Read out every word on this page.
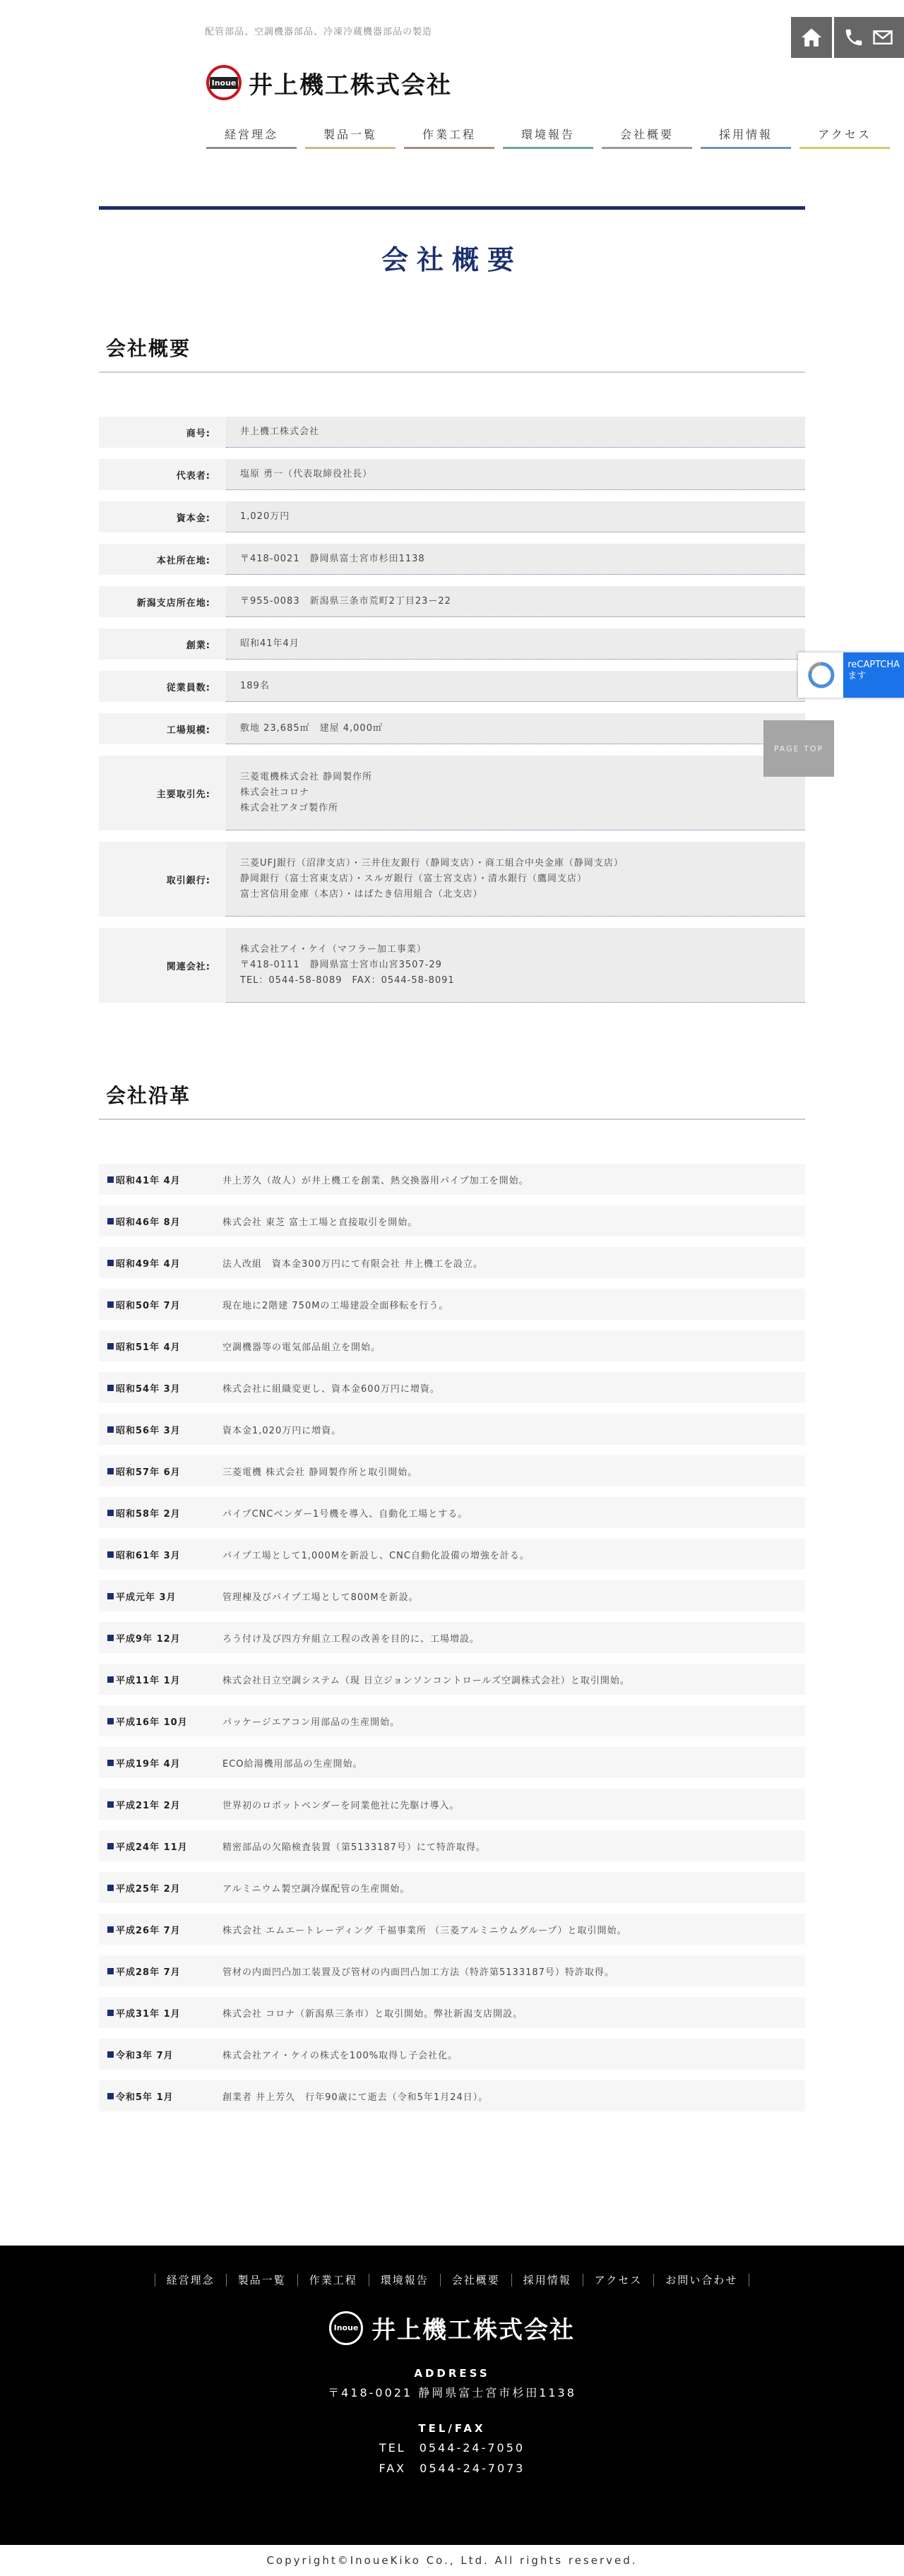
配管部品、空調機器部品、冷凍冷蔵機器部品の製造
Inoue 井上機工株式会社
経営理念	製品一覧	作業工程	環境報告	会社概要	採用情報	アクセス
会社概要
会社概要
商号:	井上機工株式会社
代表者:	塩原 勇一（代表取締役社長）
資本金:	1,020万円
本社所在地:	〒418-0021　静岡県富士宮市杉田1138
新潟支店所在地:	〒955-0083　新潟県三条市荒町2丁目23ー22
創業:	昭和41年4月
従業員数:	189名
工場規模:	敷地 23,685㎡　建屋 4,000㎡
主要取引先:
三菱電機株式会社 静岡製作所
株式会社コロナ
株式会社アタゴ製作所
取引銀行:
三菱UFJ銀行（沼津支店）・三井住友銀行（静岡支店）・商工組合中央金庫（静岡支店）
静岡銀行（富士宮東支店）・スルガ銀行（富士宮支店）・清水銀行（鷹岡支店）
富士宮信用金庫（本店）・はばたき信用組合（北支店）
関連会社:
株式会社アイ・ケイ（マフラー加工事業）
〒418-0111　静岡県富士宮市山宮3507-29
TEL：0544-58-8089　FAX：0544-58-8091
会社沿革
昭和41年 4月	井上芳久（故人）が井上機工を創業、熱交換器用パイプ加工を開始。
昭和46年 8月	株式会社 東芝 富士工場と直接取引を開始。
昭和49年 4月	法人改組　資本金300万円にて有限会社 井上機工を設立。
昭和50年 7月	現在地に2階建 750Mの工場建設全面移転を行う。
昭和51年 4月	空調機器等の電気部品組立を開始。
昭和54年 3月	株式会社に組織変更し、資本金600万円に増資。
昭和56年 3月	資本金1,020万円に増資。
昭和57年 6月	三菱電機 株式会社 静岡製作所と取引開始。
昭和58年 2月	パイプCNCベンダー1号機を導入、自動化工場とする。
昭和61年 3月	パイプ工場として1,000Mを新設し、CNC自動化設備の増強を計る。
平成元年 3月	管理棟及びパイプ工場として800Mを新設。
平成9年 12月	ろう付け及び四方弁組立工程の改善を目的に、工場増設。
平成11年 1月	株式会社日立空調システム（現 日立ジョンソンコントロールズ空調株式会社）と取引開始。
平成16年 10月	パッケージエアコン用部品の生産開始。
平成19年 4月	ECO給湯機用部品の生産開始。
平成21年 2月	世界初のロボットベンダーを同業他社に先駆け導入。
平成24年 11月	精密部品の欠陥検査装置（第5133187号）にて特許取得。
平成25年 2月	アルミニウム製空調冷媒配管の生産開始。
平成26年 7月	株式会社 エムエートレーディング 千福事業所 （三菱アルミニウムグループ）と取引開始。
平成28年 7月	管材の内面凹凸加工装置及び管材の内面凹凸加工方法（特許第5133187号）特許取得。
平成31年 1月	株式会社 コロナ（新潟県三条市）と取引開始。弊社新潟支店開設。
令和3年 7月	株式会社アイ・ケイの株式を100%取得し子会社化。
令和5年 1月	創業者 井上芳久　行年90歳にて逝去（令和5年1月24日）。
reCAPTCHA
ます
PAGE TOP
経営理念	製品一覧	作業工程	環境報告	会社概要	採用情報	アクセス	お問い合わせ
Inoue 井上機工株式会社
ADDRESS
〒418-0021 静岡県富士宮市杉田1138
TEL/FAX
TEL　0544-24-7050
FAX　0544-24-7073
Copyright©InoueKiko Co., Ltd. All rights reserved.
